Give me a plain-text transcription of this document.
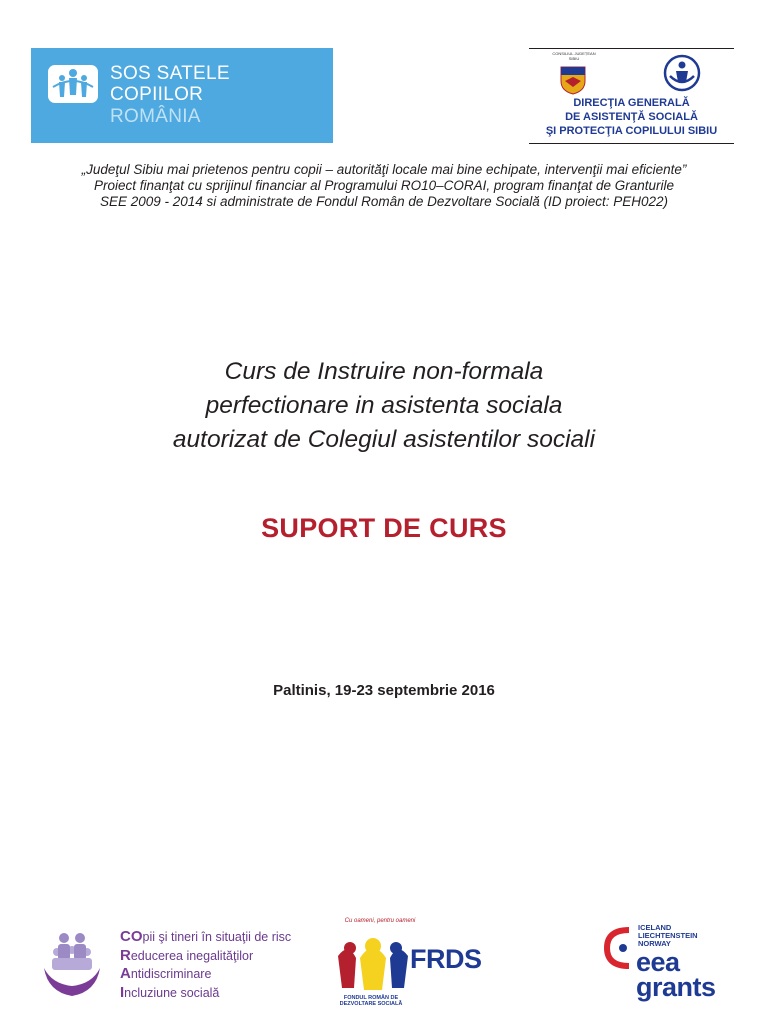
SOS SATELE
COPIILOR
ROMÂNIA
CONSILIUL JUDEȚEAN SIBIU
DIRECŢIA GENERALĂ
DE ASISTENŢĂ SOCIALĂ
ŞI PROTECŢIA COPILULUI SIBIU
„Judeţul Sibiu mai prietenos pentru copii – autorităţi locale mai bine echipate, intervenţii mai eficiente”
Proiect finanţat cu sprijinul financiar al Programului RO10–CORAI, program finanţat de Granturile
SEE 2009 - 2014 si administrate de Fondul Român de Dezvoltare Socială (ID proiect: PEH022)
Curs de Instruire non-formala
perfectionare in asistenta sociala
autorizat de Colegiul asistentilor sociali
SUPORT DE CURS
Paltinis, 19-23 septembrie 2016
COpii şi tineri în situaţii de risc
Reducerea inegalităţilor
Antidiscriminare
Incluziune socială
Cu oameni, pentru oameni
FRDS
FONDUL ROMÂN DE DEZVOLTARE SOCIALĂ
ICELAND
LIECHTENSTEIN
NORWAY
eea
grants
